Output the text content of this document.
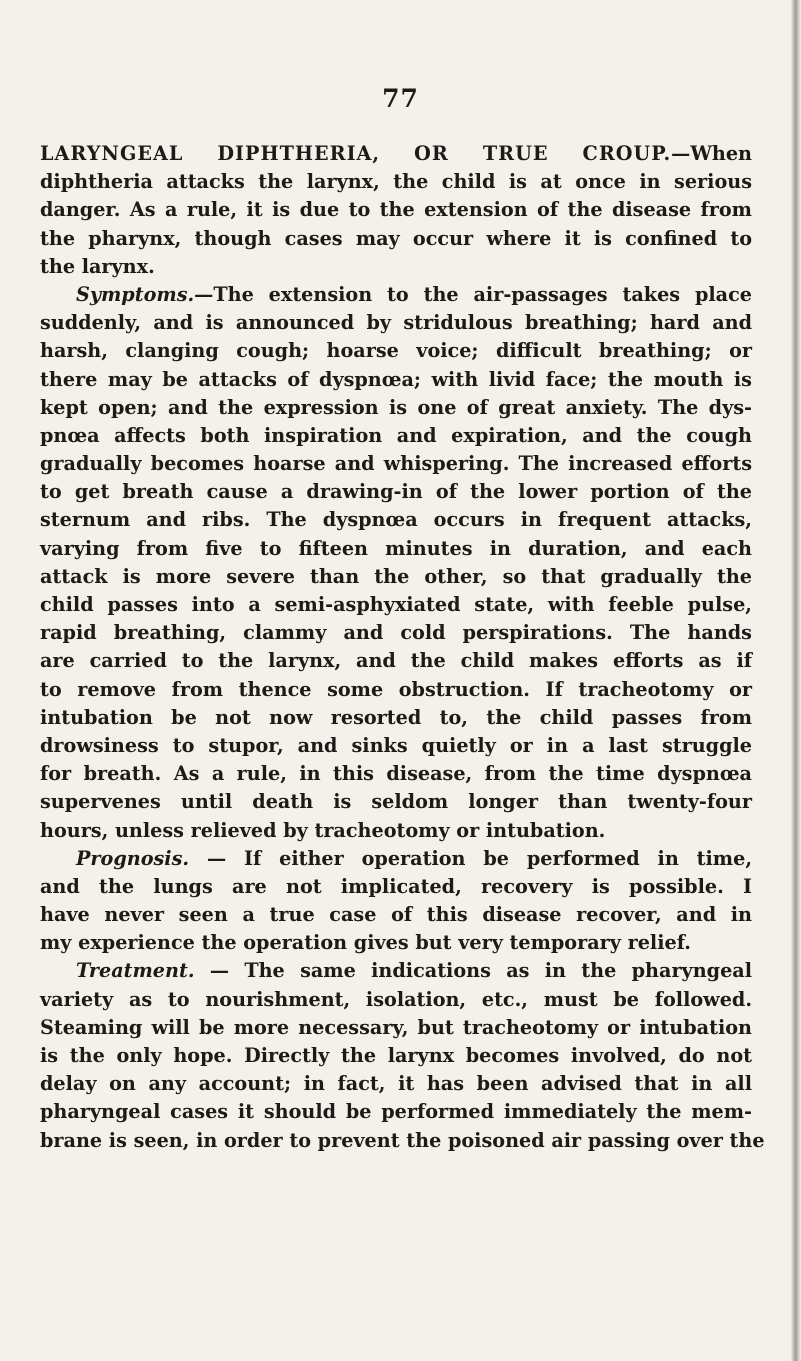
77
LARYNGEAL DIPHTHERIA, OR TRUE CROUP.—When
diphtheria attacks the larynx, the child is at once in serious
danger. As a rule, it is due to the extension of the disease from
the pharynx, though cases may occur where it is confined to
the larynx.
Symptoms.—The extension to the air-passages takes place
suddenly, and is announced by stridulous breathing; hard and
harsh, clanging cough; hoarse voice; difficult breathing; or
there may be attacks of dyspnœa; with livid face; the mouth is
kept open; and the expression is one of great anxiety. The dys-
pnœa affects both inspiration and expiration, and the cough
gradually becomes hoarse and whispering. The increased efforts
to get breath cause a drawing-in of the lower portion of the
sternum and ribs. The dyspnœa occurs in frequent attacks,
varying from five to fifteen minutes in duration, and each
attack is more severe than the other, so that gradually the
child passes into a semi-asphyxiated state, with feeble pulse,
rapid breathing, clammy and cold perspirations. The hands
are carried to the larynx, and the child makes efforts as if
to remove from thence some obstruction. If tracheotomy or
intubation be not now resorted to, the child passes from
drowsiness to stupor, and sinks quietly or in a last struggle
for breath. As a rule, in this disease, from the time dyspnœa
supervenes until death is seldom longer than twenty-four
hours, unless relieved by tracheotomy or intubation.
Prognosis. — If either operation be performed in time,
and the lungs are not implicated, recovery is possible. I
have never seen a true case of this disease recover, and in
my experience the operation gives but very temporary relief.
Treatment. — The same indications as in the pharyngeal
variety as to nourishment, isolation, etc., must be followed.
Steaming will be more necessary, but tracheotomy or intubation
is the only hope. Directly the larynx becomes involved, do not
delay on any account; in fact, it has been advised that in all
pharyngeal cases it should be performed immediately the mem-
brane is seen, in order to prevent the poisoned air passing over the
